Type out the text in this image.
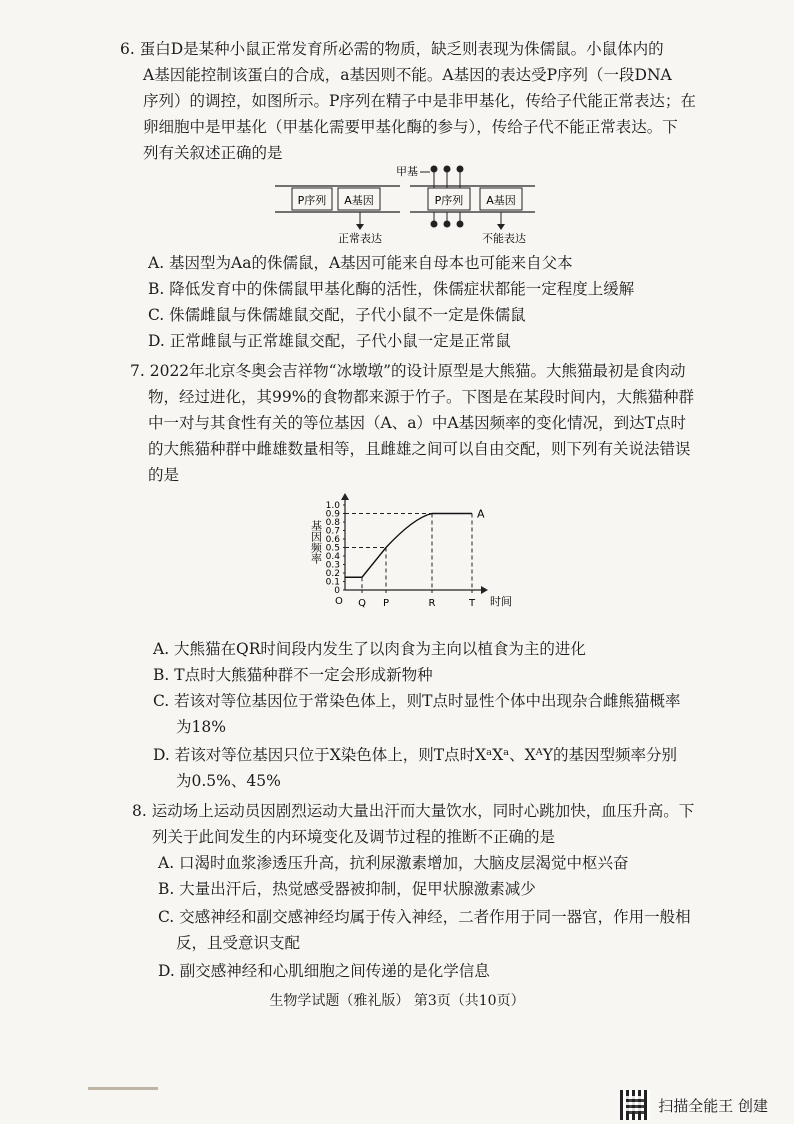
6. 蛋白D是某种小鼠正常发育所必需的物质，缺乏则表现为侏儒鼠。小鼠体内的
A基因能控制该蛋白的合成，a基因则不能。A基因的表达受P序列（一段DNA
序列）的调控，如图所示。P序列在精子中是非甲基化，传给子代能正常表达；在
卵细胞中是甲基化（甲基化需要甲基化酶的参与），传给子代不能正常表达。下
列有关叙述正确的是
P序列 A基因
正常表达
P序列 A基因
甲基
不能表达
A. 基因型为Aa的侏儒鼠，A基因可能来自母本也可能来自父本
B. 降低发育中的侏儒鼠甲基化酶的活性，侏儒症状都能一定程度上缓解
C. 侏儒雌鼠与侏儒雄鼠交配，子代小鼠不一定是侏儒鼠
D. 正常雌鼠与正常雄鼠交配，子代小鼠一定是正常鼠
7. 2022年北京冬奥会吉祥物“冰墩墩”的设计原型是大熊猫。大熊猫最初是食肉动
物，经过进化，其99%的食物都来源于竹子。下图是在某段时间内，大熊猫种群
中一对与其食性有关的等位基因（A、a）中A基因频率的变化情况，到达T点时
的大熊猫种群中雌雄数量相等，且雌雄之间可以自由交配，则下列有关说法错误
的是
基因频率
时间
O
0
0.1
0.2
0.3
0.4
0.5
0.6
0.7
0.8
0.9
1.0
A
Q P	R	T
A. 大熊猫在QR时间段内发生了以肉食为主向以植食为主的进化
B. T点时大熊猫种群不一定会形成新物种
C. 若该对等位基因位于常染色体上，则T点时显性个体中出现杂合雌熊猫概率
为18%
D. 若该对等位基因只位于X染色体上，则T点时XᵃXᵃ、XᴬY的基因型频率分别
为0.5%、45%
8. 运动场上运动员因剧烈运动大量出汗而大量饮水，同时心跳加快，血压升高。下
列关于此间发生的内环境变化及调节过程的推断不正确的是
A. 口渴时血浆渗透压升高，抗利尿激素增加，大脑皮层渴觉中枢兴奋
B. 大量出汗后，热觉感受器被抑制，促甲状腺激素减少
C. 交感神经和副交感神经均属于传入神经，二者作用于同一器官，作用一般相
反，且受意识支配
D. 副交感神经和心肌细胞之间传递的是化学信息
生物学试题（雅礼版） 第3页（共10页）
扫描全能王 创建
